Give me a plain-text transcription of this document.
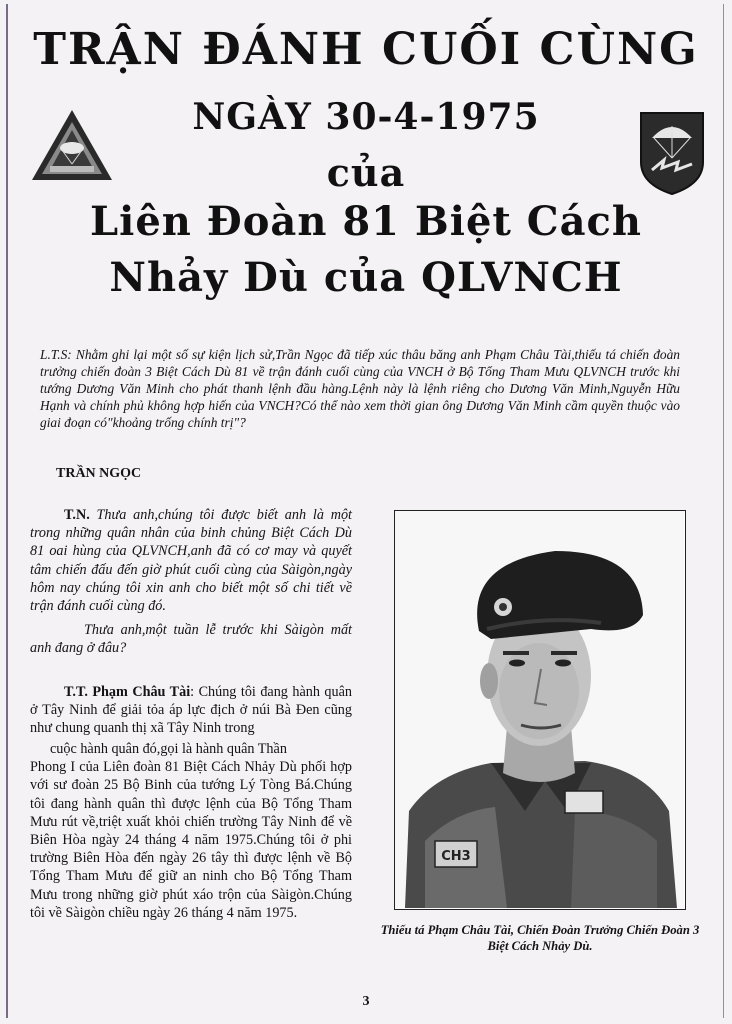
TRẬN ĐÁNH CUỐI CÙNG
NGÀY 30-4-1975
của
Liên Đoàn 81 Biệt Cách
Nhảy Dù của QLVNCH

L.T.S: Nhằm ghi lại một số sự kiện lịch sử,Trần Ngọc đã tiếp xúc thâu băng anh Phạm Châu Tài,thiếu tá chiến đoàn trưởng chiến đoàn 3 Biệt Cách Dù 81 về trận đánh cuối cùng của VNCH ở Bộ Tổng Tham Mưu QLVNCH trước khi tướng Dương Văn Minh cho phát thanh lệnh đầu hàng.Lệnh này là lệnh riêng cho Dương Văn Minh,Nguyễn Hữu Hạnh và chính phủ không hợp hiến của VNCH?Có thể nào xem thời gian ông Dương Văn Minh cầm quyền thuộc vào giai đoạn có"khoảng trống chính trị"?

TRẦN NGỌC

T.N. Thưa anh,chúng tôi được biết anh là một trong những quân nhân của binh chủng Biệt Cách Dù 81 oai hùng của QLVNCH,anh đã có cơ may và quyết tâm chiến đấu đến giờ phút cuối cùng của Sàigòn,ngày hôm nay chúng tôi xin anh cho biết một số chi tiết về trận đánh cuối cùng đó.

Thưa anh,một tuần lễ trước khi Sàigòn mất anh đang ở đâu?

T.T. Phạm Châu Tài: Chúng tôi đang hành quân ở Tây Ninh để giải tỏa áp lực địch ở núi Bà Đen cũng như chung quanh thị xã Tây Ninh trong

cuộc hành quân đó,gọi là hành quân Thần
Phong I của Liên đoàn 81 Biệt Cách Nhảy Dù phối hợp với sư đoàn 25 Bộ Binh của tướng Lý Tòng Bá.Chúng tôi đang hành quân thì được lệnh của Bộ Tổng Tham Mưu rút về,triệt xuất khỏi chiến trường Tây Ninh để về Biên Hòa ngày 24 tháng 4 năm 1975.Chúng tôi ở phi trường Biên Hòa đến ngày 26 tây thì được lệnh về Bộ Tổng Tham Mưu để giữ an ninh cho Bộ Tổng Tham Mưu trong những giờ phút xáo trộn của Sàigòn.Chúng tôi về Sàigòn chiều ngày 26 tháng 4 năm 1975.

CH3

Thiếu tá Phạm Châu Tài, Chiến Đoàn Trưởng Chiến Đoàn 3 Biệt Cách Nhảy Dù.

3
